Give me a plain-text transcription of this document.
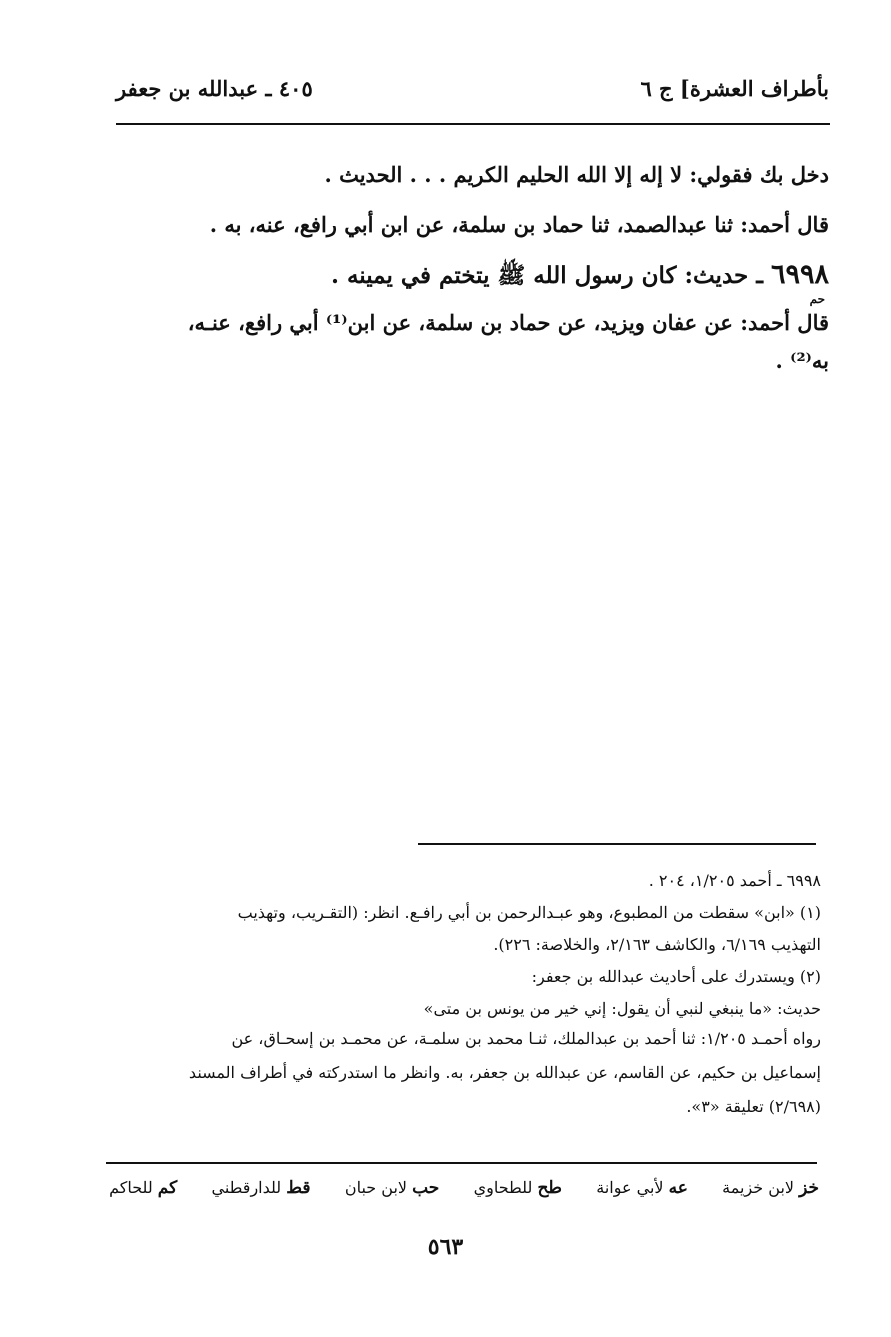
بأطراف العشرة] ج ٦
٤٠٥ ـ عبدالله بن جعفر
دخل بك فقولي: لا إله إلا الله الحليم الكريم . . . الحديث .
قال أحمد: ثنا عبدالصمد، ثنا حماد بن سلمة، عن ابن أبي رافع، عنه، به .
٦٩٩٨ ـ حديث: كان رسول الله ﷺ يتختم في يمينه .
حم
قال أحمد: عن عفان ويزيد، عن حماد بن سلمة، عن ابن⁽¹⁾ أبي رافع، عنـه،
به⁽²⁾ .
٦٩٩٨ ـ أحمد ١/٢٠٥، ٢٠٤ .
(١) «ابن» سقطت من المطبوع، وهو عبـدالرحمن بن أبي رافـع. انظر: (التقـريب، وتهذيب
التهذيب ٦/١٦٩، والكاشف ٢/١٦٣، والخلاصة: ٢٢٦).
(٢) ويستدرك على أحاديث عبدالله بن جعفر:
حديث: «ما ينبغي لنبي أن يقول: إني خير من يونس بن متى»
رواه أحمـد ١/٢٠٥: ثنا أحمد بن عبدالملك، ثنـا محمد بن سلمـة، عن محمـد بن إسحـاق، عن
إسماعيل بن حكيم، عن القاسم، عن عبدالله بن جعفر، به. وانظر ما استدركته في أطراف المسند
(٢/٦٩٨) تعليقة «٣».
خز لابن خزيمة
عه لأبي عوانة
طح للطحاوي
حب لابن حبان
قط للدارقطني
كم للحاكم
٥٦٣
